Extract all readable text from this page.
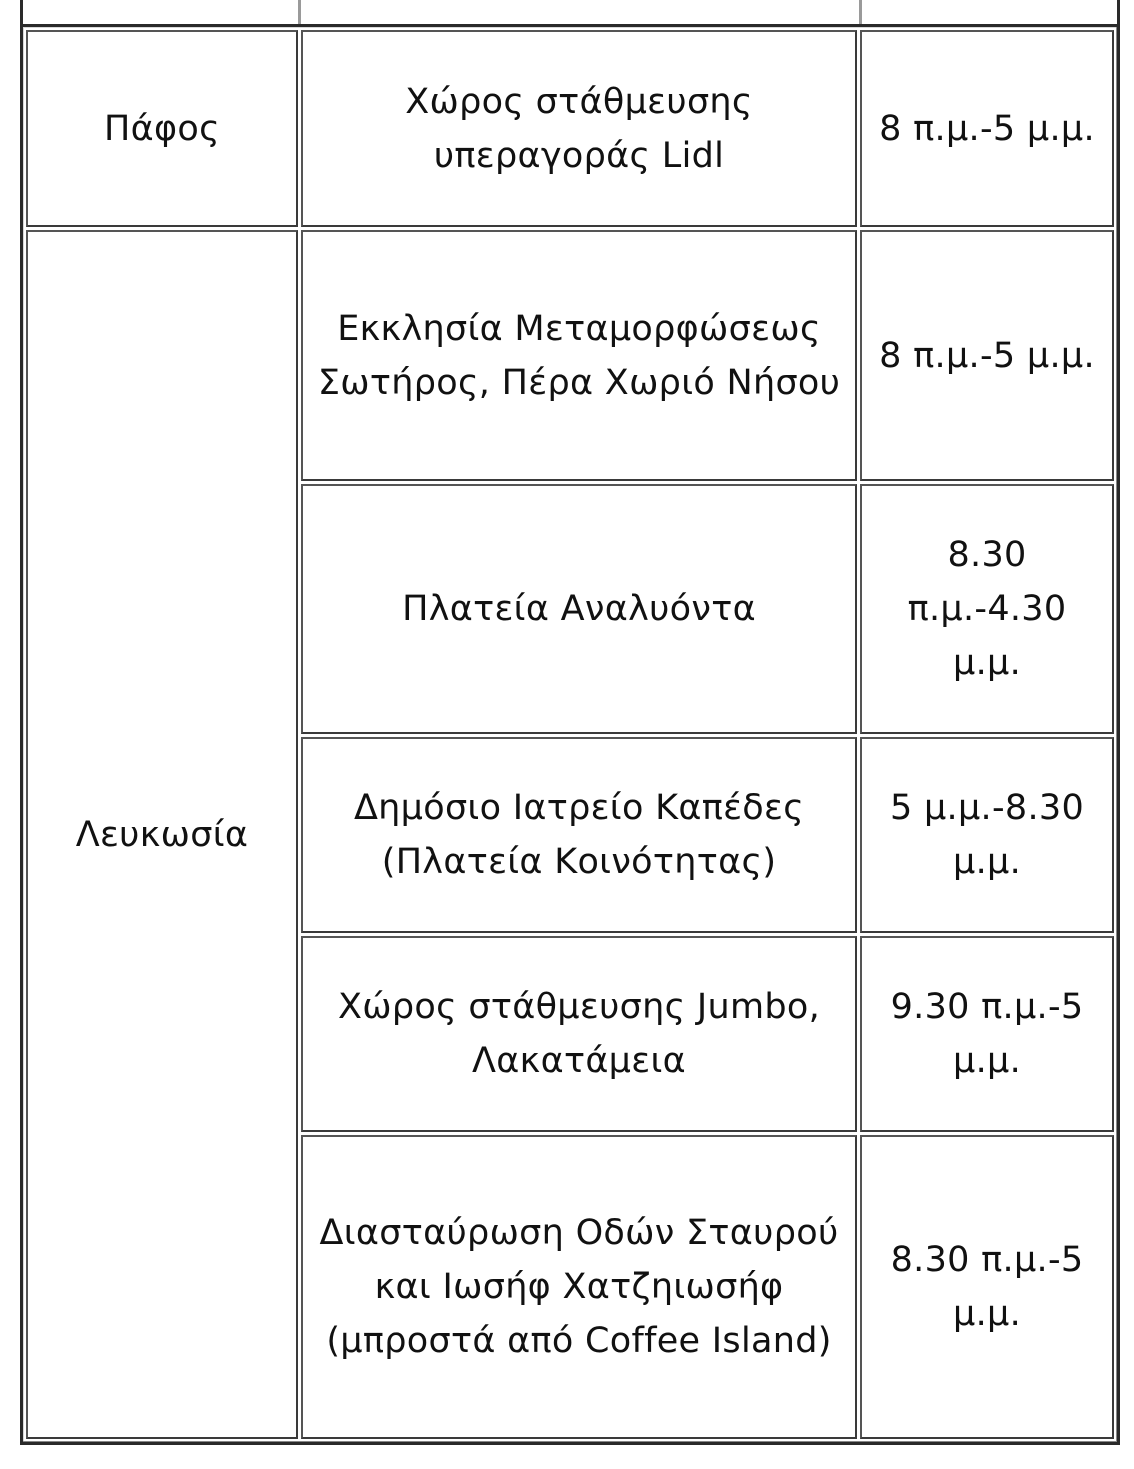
Πάφος	Χώρος στάθμευσης υπεραγοράς Lidl	8 π.μ.-5 μ.μ.
Λευκωσία	Εκκλησία Μεταμορφώσεως Σωτήρος, Πέρα Χωριό Νήσου	8 π.μ.-5 μ.μ.
	Πλατεία Αναλυόντα	8.30 π.μ.-4.30 μ.μ.
	Δημόσιο Ιατρείο Καπέδες (Πλατεία Κοινότητας)	5 μ.μ.-8.30 μ.μ.
	Χώρος στάθμευσης Jumbo, Λακατάμεια	9.30 π.μ.-5 μ.μ.
	Διασταύρωση Οδών Σταυρού και Ιωσήφ Χατζηιωσήφ (μπροστά από Coffee Island)	8.30 π.μ.-5 μ.μ.
